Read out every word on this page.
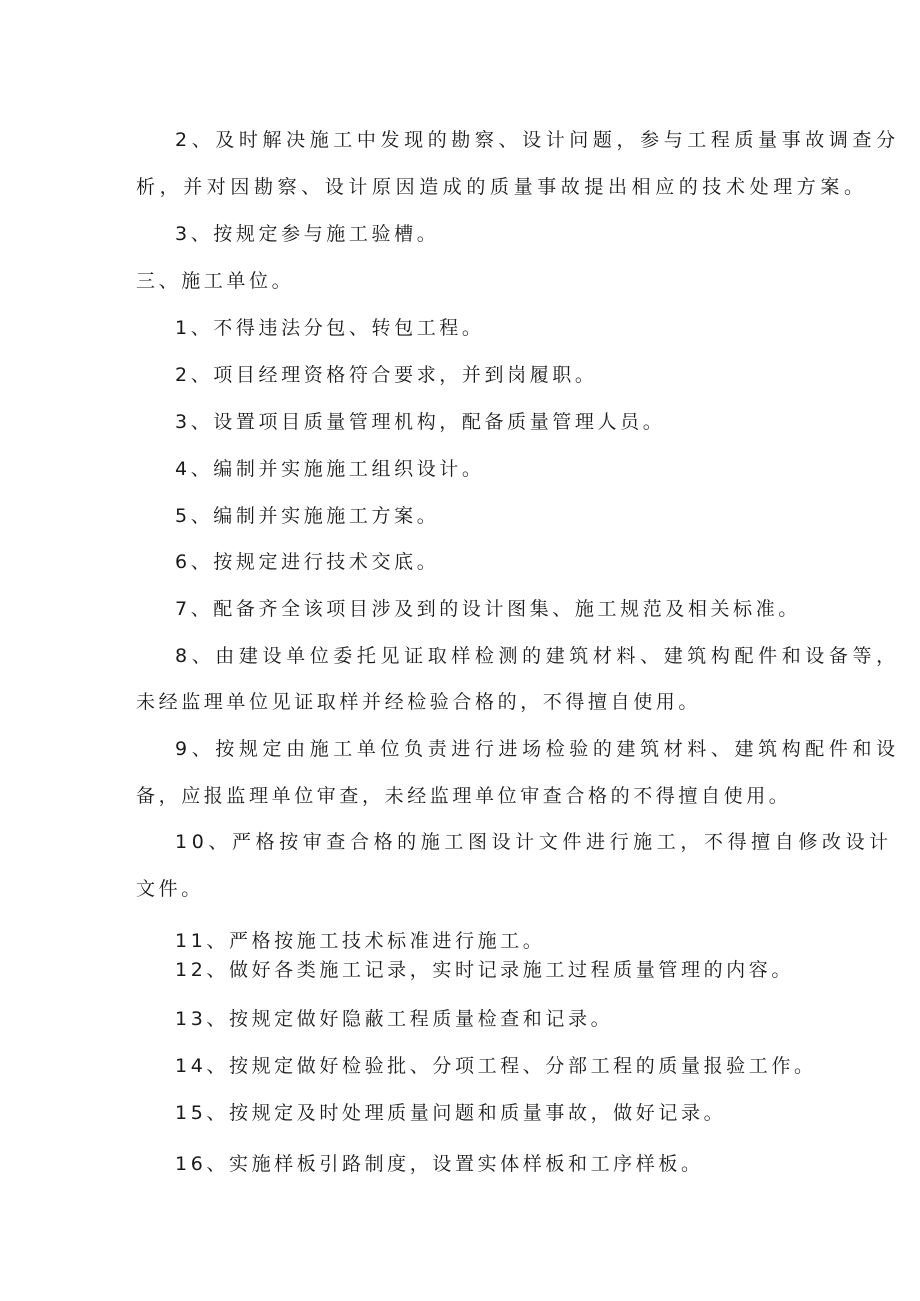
2、及时解决施工中发现的勘察、设计问题，参与工程质量事故调查分
析，并对因勘察、设计原因造成的质量事故提出相应的技术处理方案。
3、按规定参与施工验槽。
三、施工单位。
1、不得违法分包、转包工程。
2、项目经理资格符合要求，并到岗履职。
3、设置项目质量管理机构，配备质量管理人员。
4、编制并实施施工组织设计。
5、编制并实施施工方案。
6、按规定进行技术交底。
7、配备齐全该项目涉及到的设计图集、施工规范及相关标准。
8、由建设单位委托见证取样检测的建筑材料、建筑构配件和设备等，
未经监理单位见证取样并经检验合格的，不得擅自使用。
9、按规定由施工单位负责进行进场检验的建筑材料、建筑构配件和设
备，应报监理单位审查，未经监理单位审查合格的不得擅自使用。
10、严格按审查合格的施工图设计文件进行施工，不得擅自修改设计
文件。
11、严格按施工技术标准进行施工。
12、做好各类施工记录，实时记录施工过程质量管理的内容。
13、按规定做好隐蔽工程质量检查和记录。
14、按规定做好检验批、分项工程、分部工程的质量报验工作。
15、按规定及时处理质量问题和质量事故，做好记录。
16、实施样板引路制度，设置实体样板和工序样板。
